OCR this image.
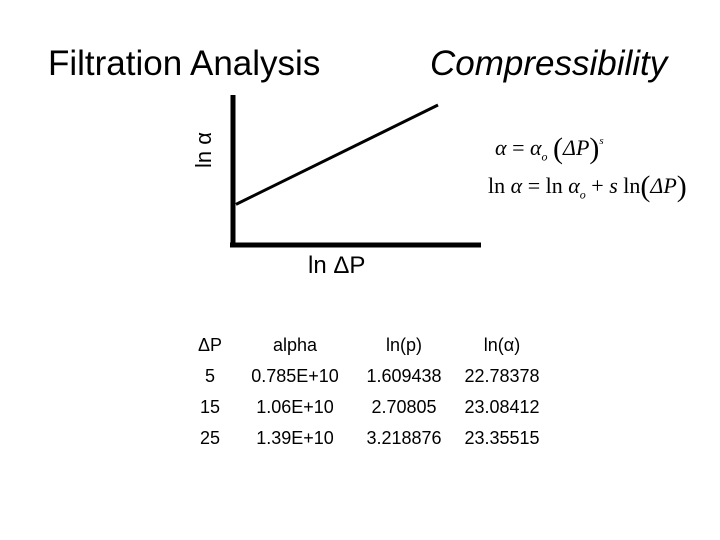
Filtration Analysis	Compressibility
ln α
ln ΔP
$\alpha = \alpha_o$ $(\Delta P)^s$
$\ln \alpha = \ln \alpha_o + s$ ln(ΔP)
ΔP	alpha	ln(p)	ln(α)
5	0.785E+10	1.609438	22.78378
15	1.06E+10	2.70805	23.08412
25	1.39E+10	3.218876	23.35515
